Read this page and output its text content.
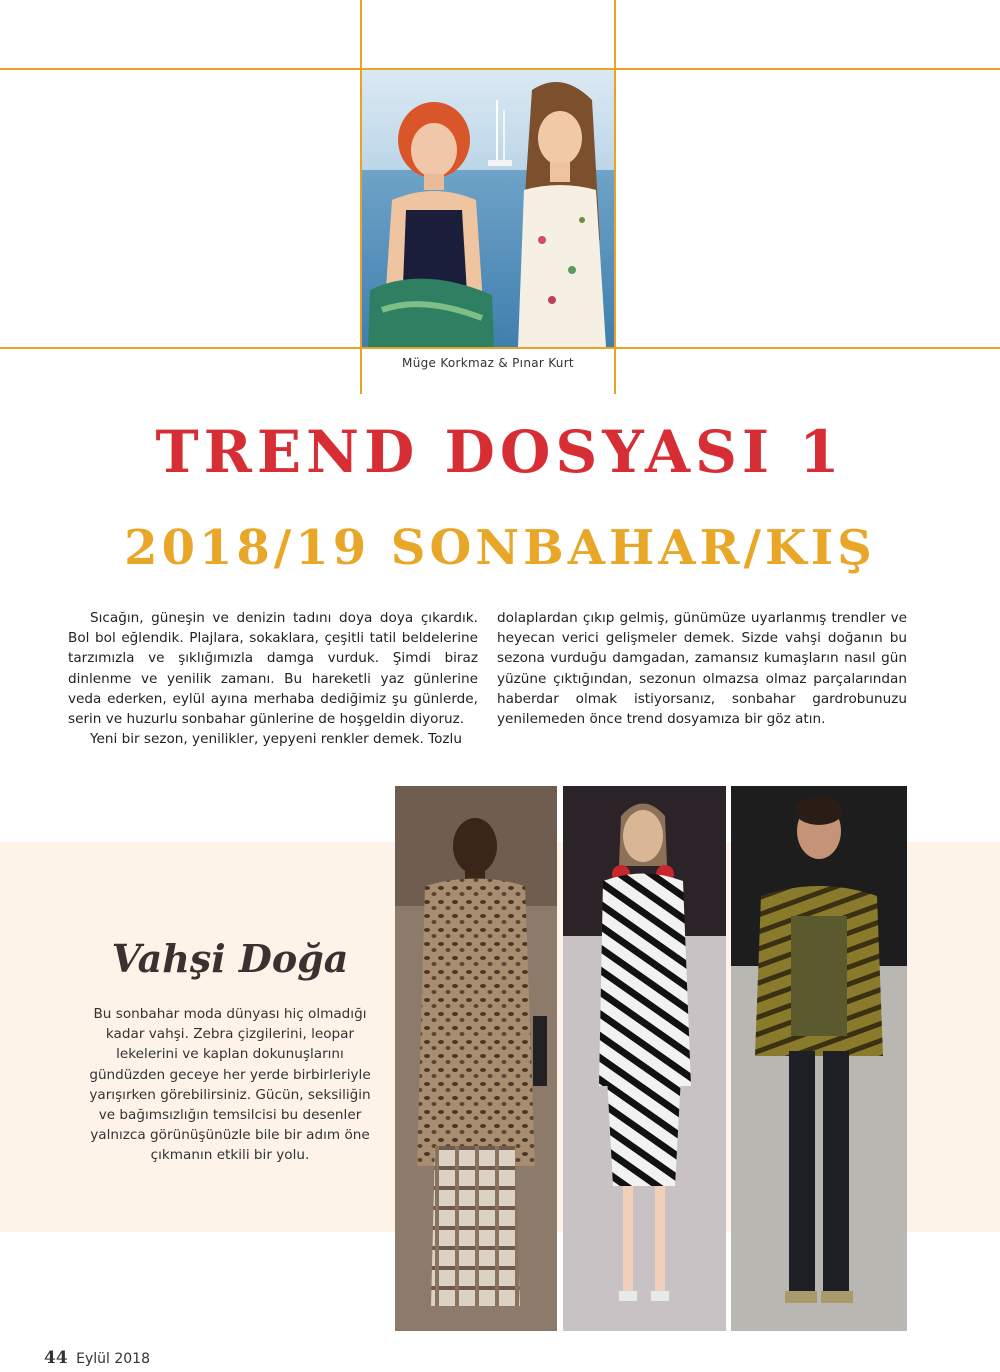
Müge Korkmaz & Pınar Kurt
TREND DOSYASI 1
2018/19 SONBAHAR/KIŞ

Sıcağın, güneşin ve denizin tadını doya doya çıkardık. Bol bol eğlendik. Plajlara, sokaklara, çeşitli tatil beldelerine tarzımızla ve şıklığımızla damga vurduk. Şimdi biraz dinlenme ve yenilik zamanı. Bu hareketli yaz günlerine veda ederken, eylül ayına merhaba dediğimiz şu günlerde, serin ve huzurlu sonbahar günlerine de hoşgeldin diyoruz.

Yeni bir sezon, yenilikler, yepyeni renkler demek. Tozlu

dolaplardan çıkıp gelmiş, günümüze uyarlanmış trendler ve heyecan verici gelişmeler demek. Sizde vahşi doğanın bu sezona vurduğu damgadan, zamansız kumaşların nasıl gün yüzüne çıktığından, sezonun olmazsa olmaz parçalarından haberdar olmak istiyorsanız, sonbahar gardrobunuzu yenilemeden önce trend dosyamıza bir göz atın.

Vahşi Doğa
Bu sonbahar moda dünyası hiç olmadığı kadar vahşi. Zebra çizgilerini, leopar lekelerini ve kaplan dokunuşlarını gündüzden geceye her yerde birbirleriyle yarışırken görebilirsiniz. Gücün, seksiliğin ve bağımsızlığın temsilcisi bu desenler yalnızca görünüşünüzle bile bir adım öne çıkmanın etkili bir yolu.
44 Eylül 2018
